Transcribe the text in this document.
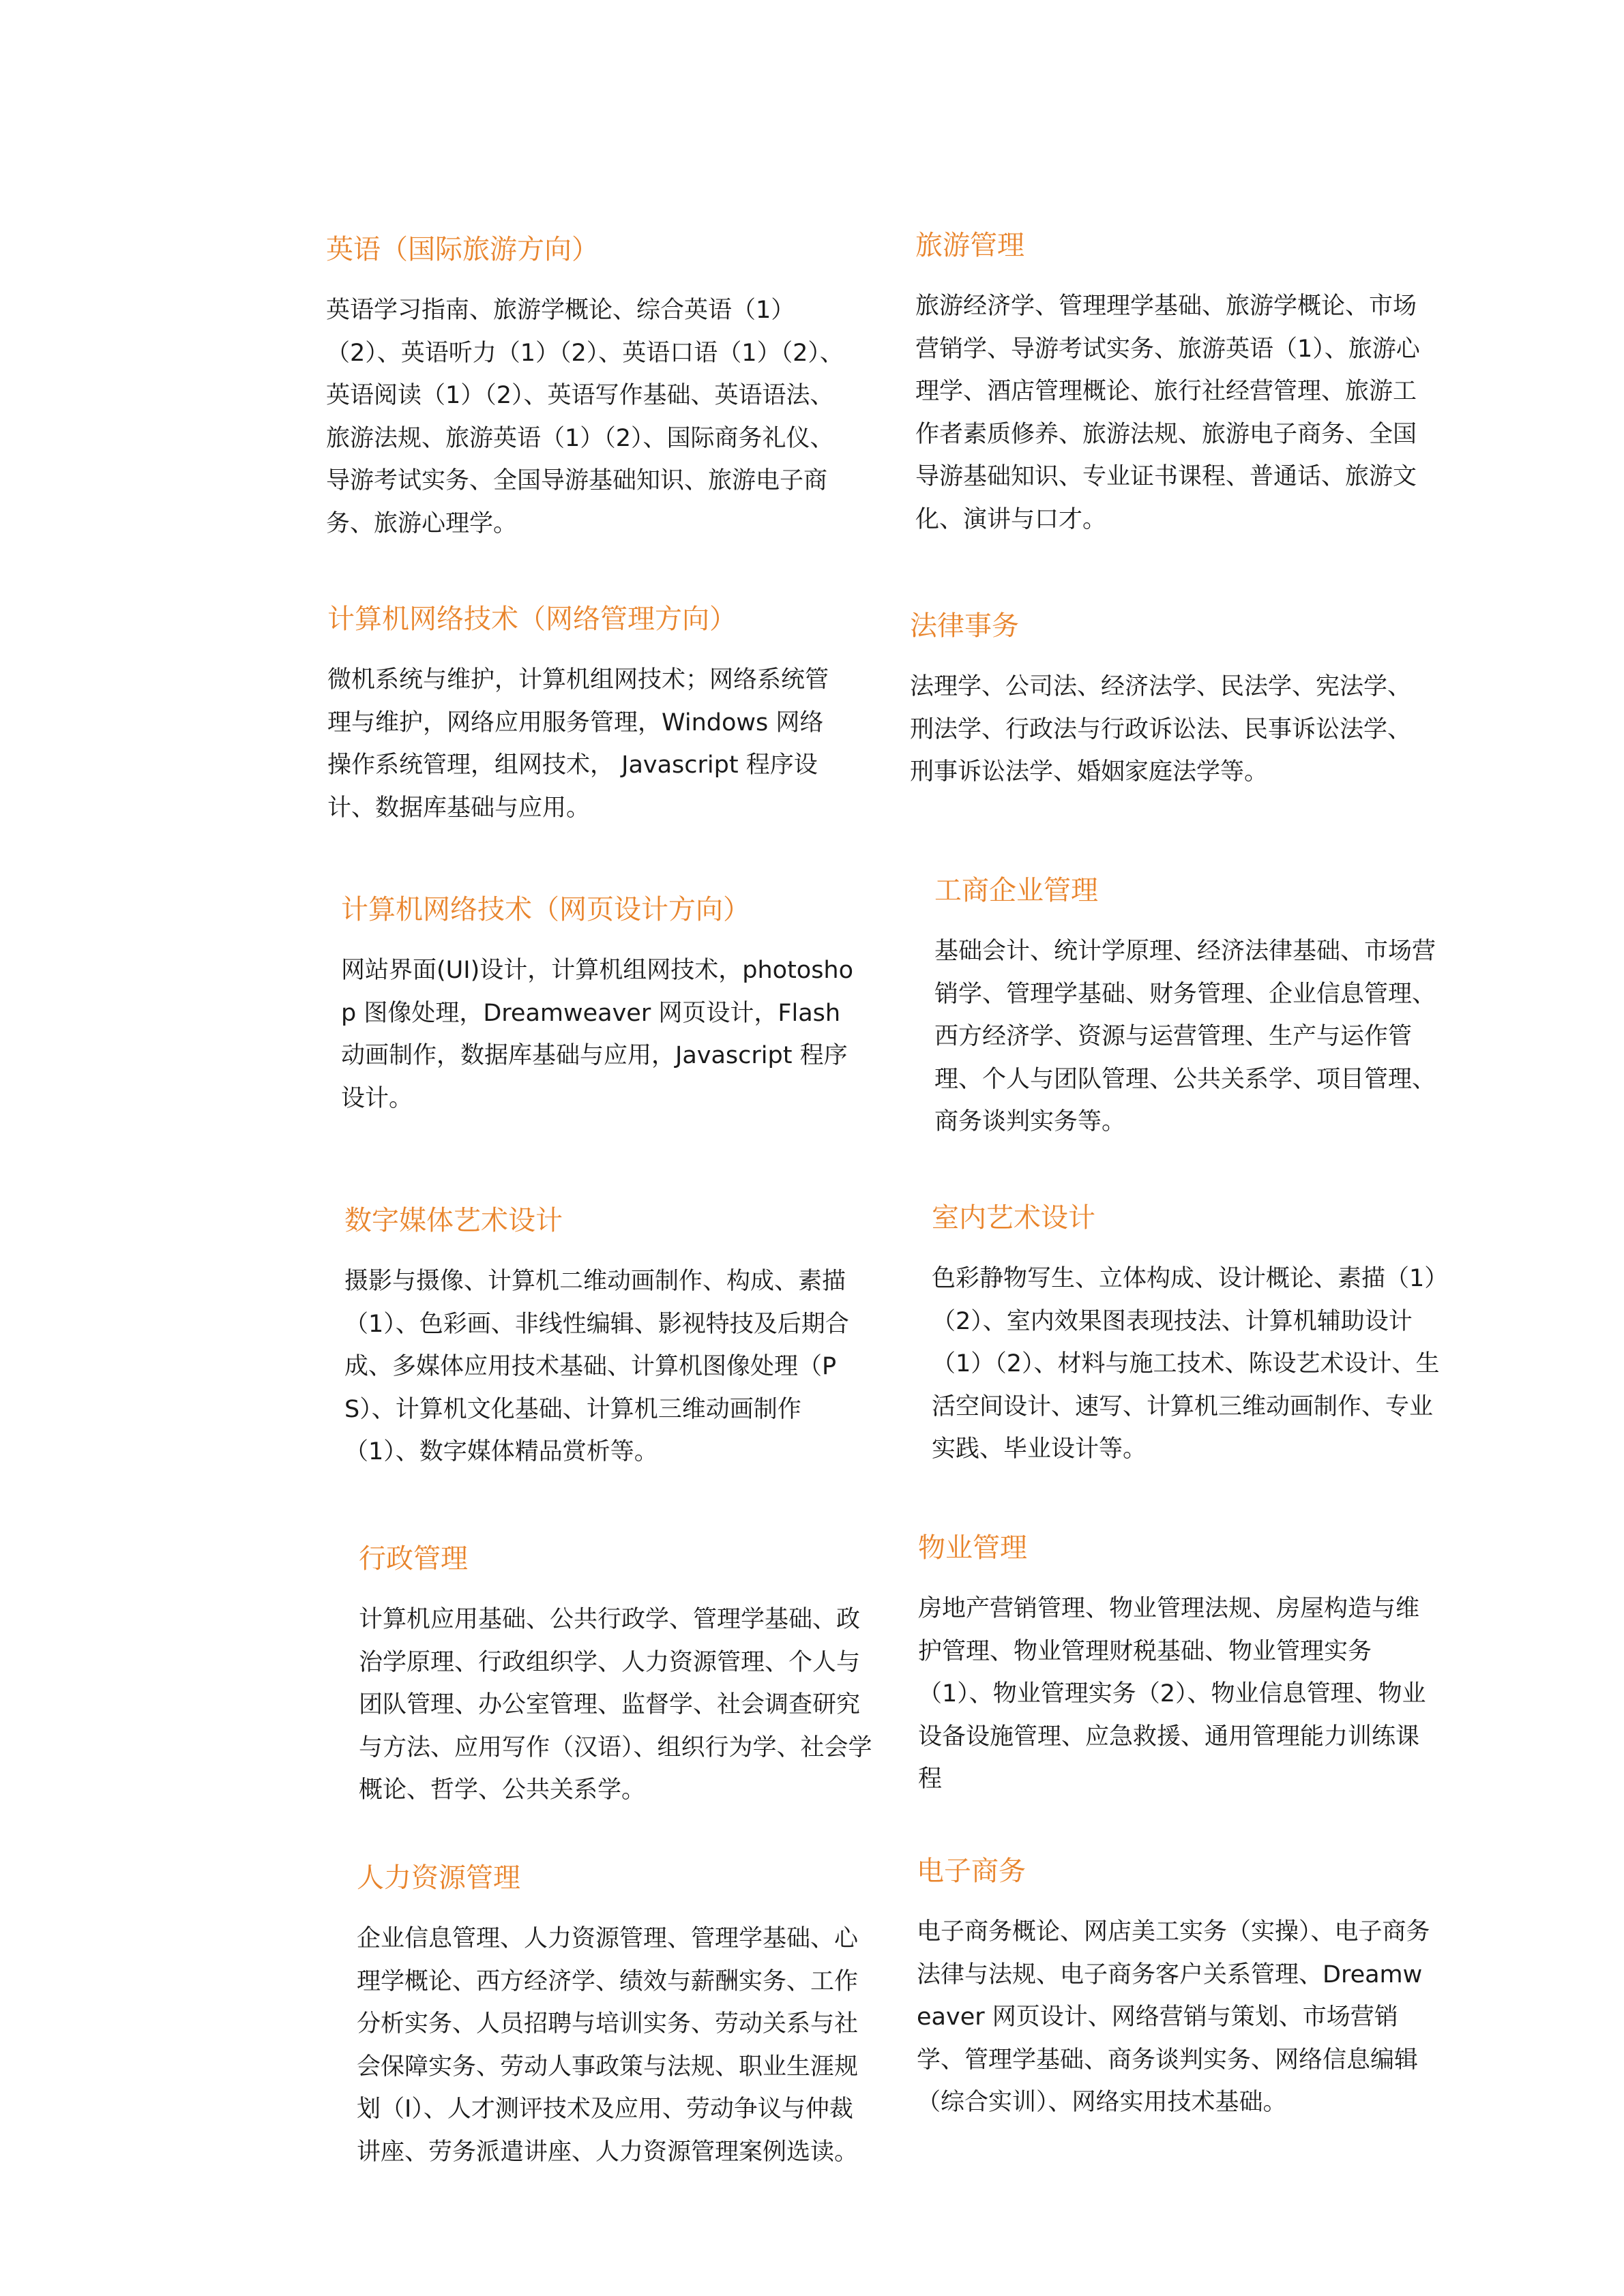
英语（国际旅游方向）

英语学习指南、旅游学概论、综合英语（1）（2）、英语听力（1）（2）、英语口语（1）（2）、英语阅读（1）（2）、英语写作基础、英语语法、旅游法规、旅游英语（1）（2）、国际商务礼仪、导游考试实务、全国导游基础知识、旅游电子商务、旅游心理学。

旅游管理

旅游经济学、管理理学基础、旅游学概论、市场营销学、导游考试实务、旅游英语（1）、旅游心理学、酒店管理概论、旅行社经营管理、旅游工作者素质修养、旅游法规、旅游电子商务、全国导游基础知识、专业证书课程、普通话、旅游文化、演讲与口才。

计算机网络技术（网络管理方向）

微机系统与维护，计算机组网技术；网络系统管理与维护，网络应用服务管理，Windows 网络操作系统管理，组网技术， Javascript 程序设计、数据库基础与应用。

法律事务

法理学、公司法、经济法学、民法学、宪法学、刑法学、行政法与行政诉讼法、民事诉讼法学、刑事诉讼法学、婚姻家庭法学等。

计算机网络技术（网页设计方向）

网站界面(UI)设计，计算机组网技术，photoshop 图像处理，Dreamweaver 网页设计，Flash 动画制作，数据库基础与应用，Javascript 程序设计。

工商企业管理

基础会计、统计学原理、经济法律基础、市场营销学、管理学基础、财务管理、企业信息管理、西方经济学、资源与运营管理、生产与运作管理、个人与团队管理、公共关系学、项目管理、商务谈判实务等。

数字媒体艺术设计

摄影与摄像、计算机二维动画制作、构成、素描（1）、色彩画、非线性编辑、影视特技及后期合成、多媒体应用技术基础、计算机图像处理（PS）、计算机文化基础、计算机三维动画制作（1）、数字媒体精品赏析等。

室内艺术设计

色彩静物写生、立体构成、设计概论、素描（1）（2）、室内效果图表现技法、计算机辅助设计（1）（2）、材料与施工技术、陈设艺术设计、生活空间设计、速写、计算机三维动画制作、专业实践、毕业设计等。

行政管理

计算机应用基础、公共行政学、管理学基础、政治学原理、行政组织学、人力资源管理、个人与团队管理、办公室管理、监督学、社会调查研究与方法、应用写作（汉语）、组织行为学、社会学概论、哲学、公共关系学。

物业管理

房地产营销管理、物业管理法规、房屋构造与维护管理、物业管理财税基础、物业管理实务（1）、物业管理实务（2）、物业信息管理、物业设备设施管理、应急救援、通用管理能力训练课程

人力资源管理

企业信息管理、人力资源管理、管理学基础、心理学概论、西方经济学、绩效与薪酬实务、工作分析实务、人员招聘与培训实务、劳动关系与社会保障实务、劳动人事政策与法规、职业生涯规划（I）、人才测评技术及应用、劳动争议与仲裁讲座、劳务派遣讲座、人力资源管理案例选读。

电子商务

电子商务概论、网店美工实务（实操）、电子商务法律与法规、电子商务客户关系管理、Dreamweaver 网页设计、网络营销与策划、市场营销学、管理学基础、商务谈判实务、网络信息编辑（综合实训）、网络实用技术基础。
